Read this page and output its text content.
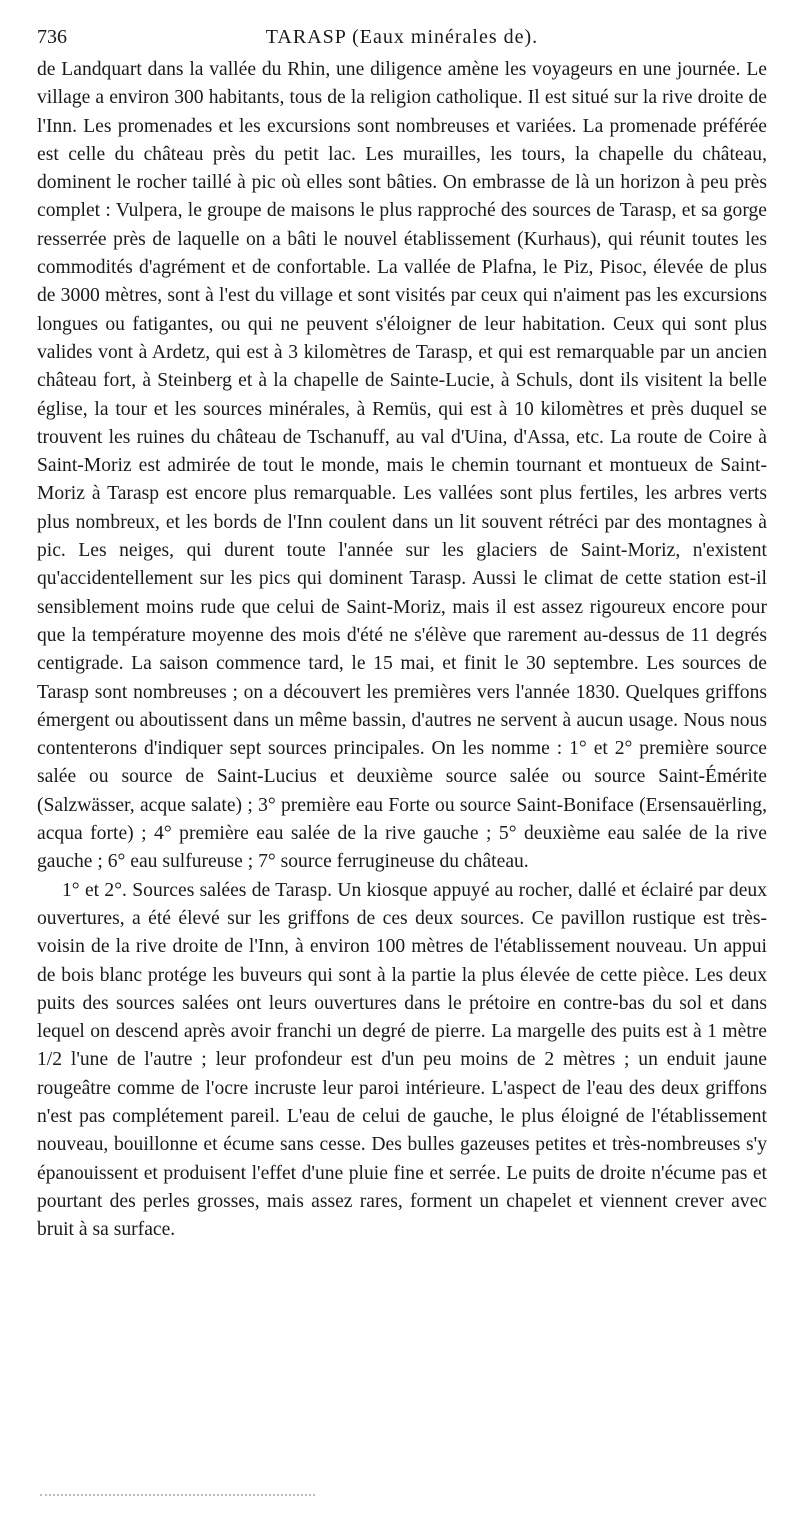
736	TARASP (Eaux minérales de).

de Landquart dans la vallée du Rhin, une diligence amène les voyageurs en une journée. Le village a environ 300 habitants, tous de la religion catholique. Il est situé sur la rive droite de l'Inn. Les promenades et les excursions sont nombreuses et variées. La promenade préférée est celle du château près du petit lac. Les murailles, les tours, la chapelle du château, dominent le rocher taillé à pic où elles sont bâties. On embrasse de là un horizon à peu près complet : Vulpera, le groupe de maisons le plus rapproché des sources de Tarasp, et sa gorge resserrée près de laquelle on a bâti le nouvel établissement (Kurhaus), qui réunit toutes les commodités d'agrément et de confortable. La vallée de Plafna, le Piz, Pisoc, élevée de plus de 3000 mètres, sont à l'est du village et sont visités par ceux qui n'aiment pas les excursions longues ou fatigantes, ou qui ne peuvent s'éloigner de leur habitation. Ceux qui sont plus valides vont à Ardetz, qui est à 3 kilomètres de Tarasp, et qui est remarquable par un ancien château fort, à Steinberg et à la chapelle de Sainte-Lucie, à Schuls, dont ils visitent la belle église, la tour et les sources minérales, à Remüs, qui est à 10 kilomètres et près duquel se trouvent les ruines du château de Tschanuff, au val d'Uina, d'Assa, etc. La route de Coire à Saint-Moriz est admirée de tout le monde, mais le chemin tournant et montueux de Saint-Moriz à Tarasp est encore plus remarquable. Les vallées sont plus fertiles, les arbres verts plus nombreux, et les bords de l'Inn coulent dans un lit souvent rétréci par des montagnes à pic. Les neiges, qui durent toute l'année sur les glaciers de Saint-Moriz, n'existent qu'accidentellement sur les pics qui dominent Tarasp. Aussi le climat de cette station est-il sensiblement moins rude que celui de Saint-Moriz, mais il est assez rigoureux encore pour que la température moyenne des mois d'été ne s'élève que rarement au-dessus de 11 degrés centigrade. La saison commence tard, le 15 mai, et finit le 30 septembre. Les sources de Tarasp sont nombreuses ; on a découvert les premières vers l'année 1830. Quelques griffons émergent ou aboutissent dans un même bassin, d'autres ne servent à aucun usage. Nous nous contenterons d'indiquer sept sources principales. On les nomme : 1° et 2° première source salée ou source de Saint-Lucius et deuxième source salée ou source Saint-Émérite (Salzwässer, acque salate) ; 3° première eau Forte ou source Saint-Boniface (Ersensauërling, acqua forte) ; 4° première eau salée de la rive gauche ; 5° deuxième eau salée de la rive gauche ; 6° eau sulfureuse ; 7° source ferrugineuse du château.

1° et 2°. Sources salées de Tarasp. Un kiosque appuyé au rocher, dallé et éclairé par deux ouvertures, a été élevé sur les griffons de ces deux sources. Ce pavillon rustique est très-voisin de la rive droite de l'Inn, à environ 100 mètres de l'établissement nouveau. Un appui de bois blanc protége les buveurs qui sont à la partie la plus élevée de cette pièce. Les deux puits des sources salées ont leurs ouvertures dans le prétoire en contre-bas du sol et dans lequel on descend après avoir franchi un degré de pierre. La margelle des puits est à 1 mètre 1/2 l'une de l'autre ; leur profondeur est d'un peu moins de 2 mètres ; un enduit jaune rougeâtre comme de l'ocre incruste leur paroi intérieure. L'aspect de l'eau des deux griffons n'est pas complétement pareil. L'eau de celui de gauche, le plus éloigné de l'établissement nouveau, bouillonne et écume sans cesse. Des bulles gazeuses petites et très-nombreuses s'y épanouissent et produisent l'effet d'une pluie fine et serrée. Le puits de droite n'écume pas et pourtant des perles grosses, mais assez rares, forment un chapelet et viennent crever avec bruit à sa surface.
